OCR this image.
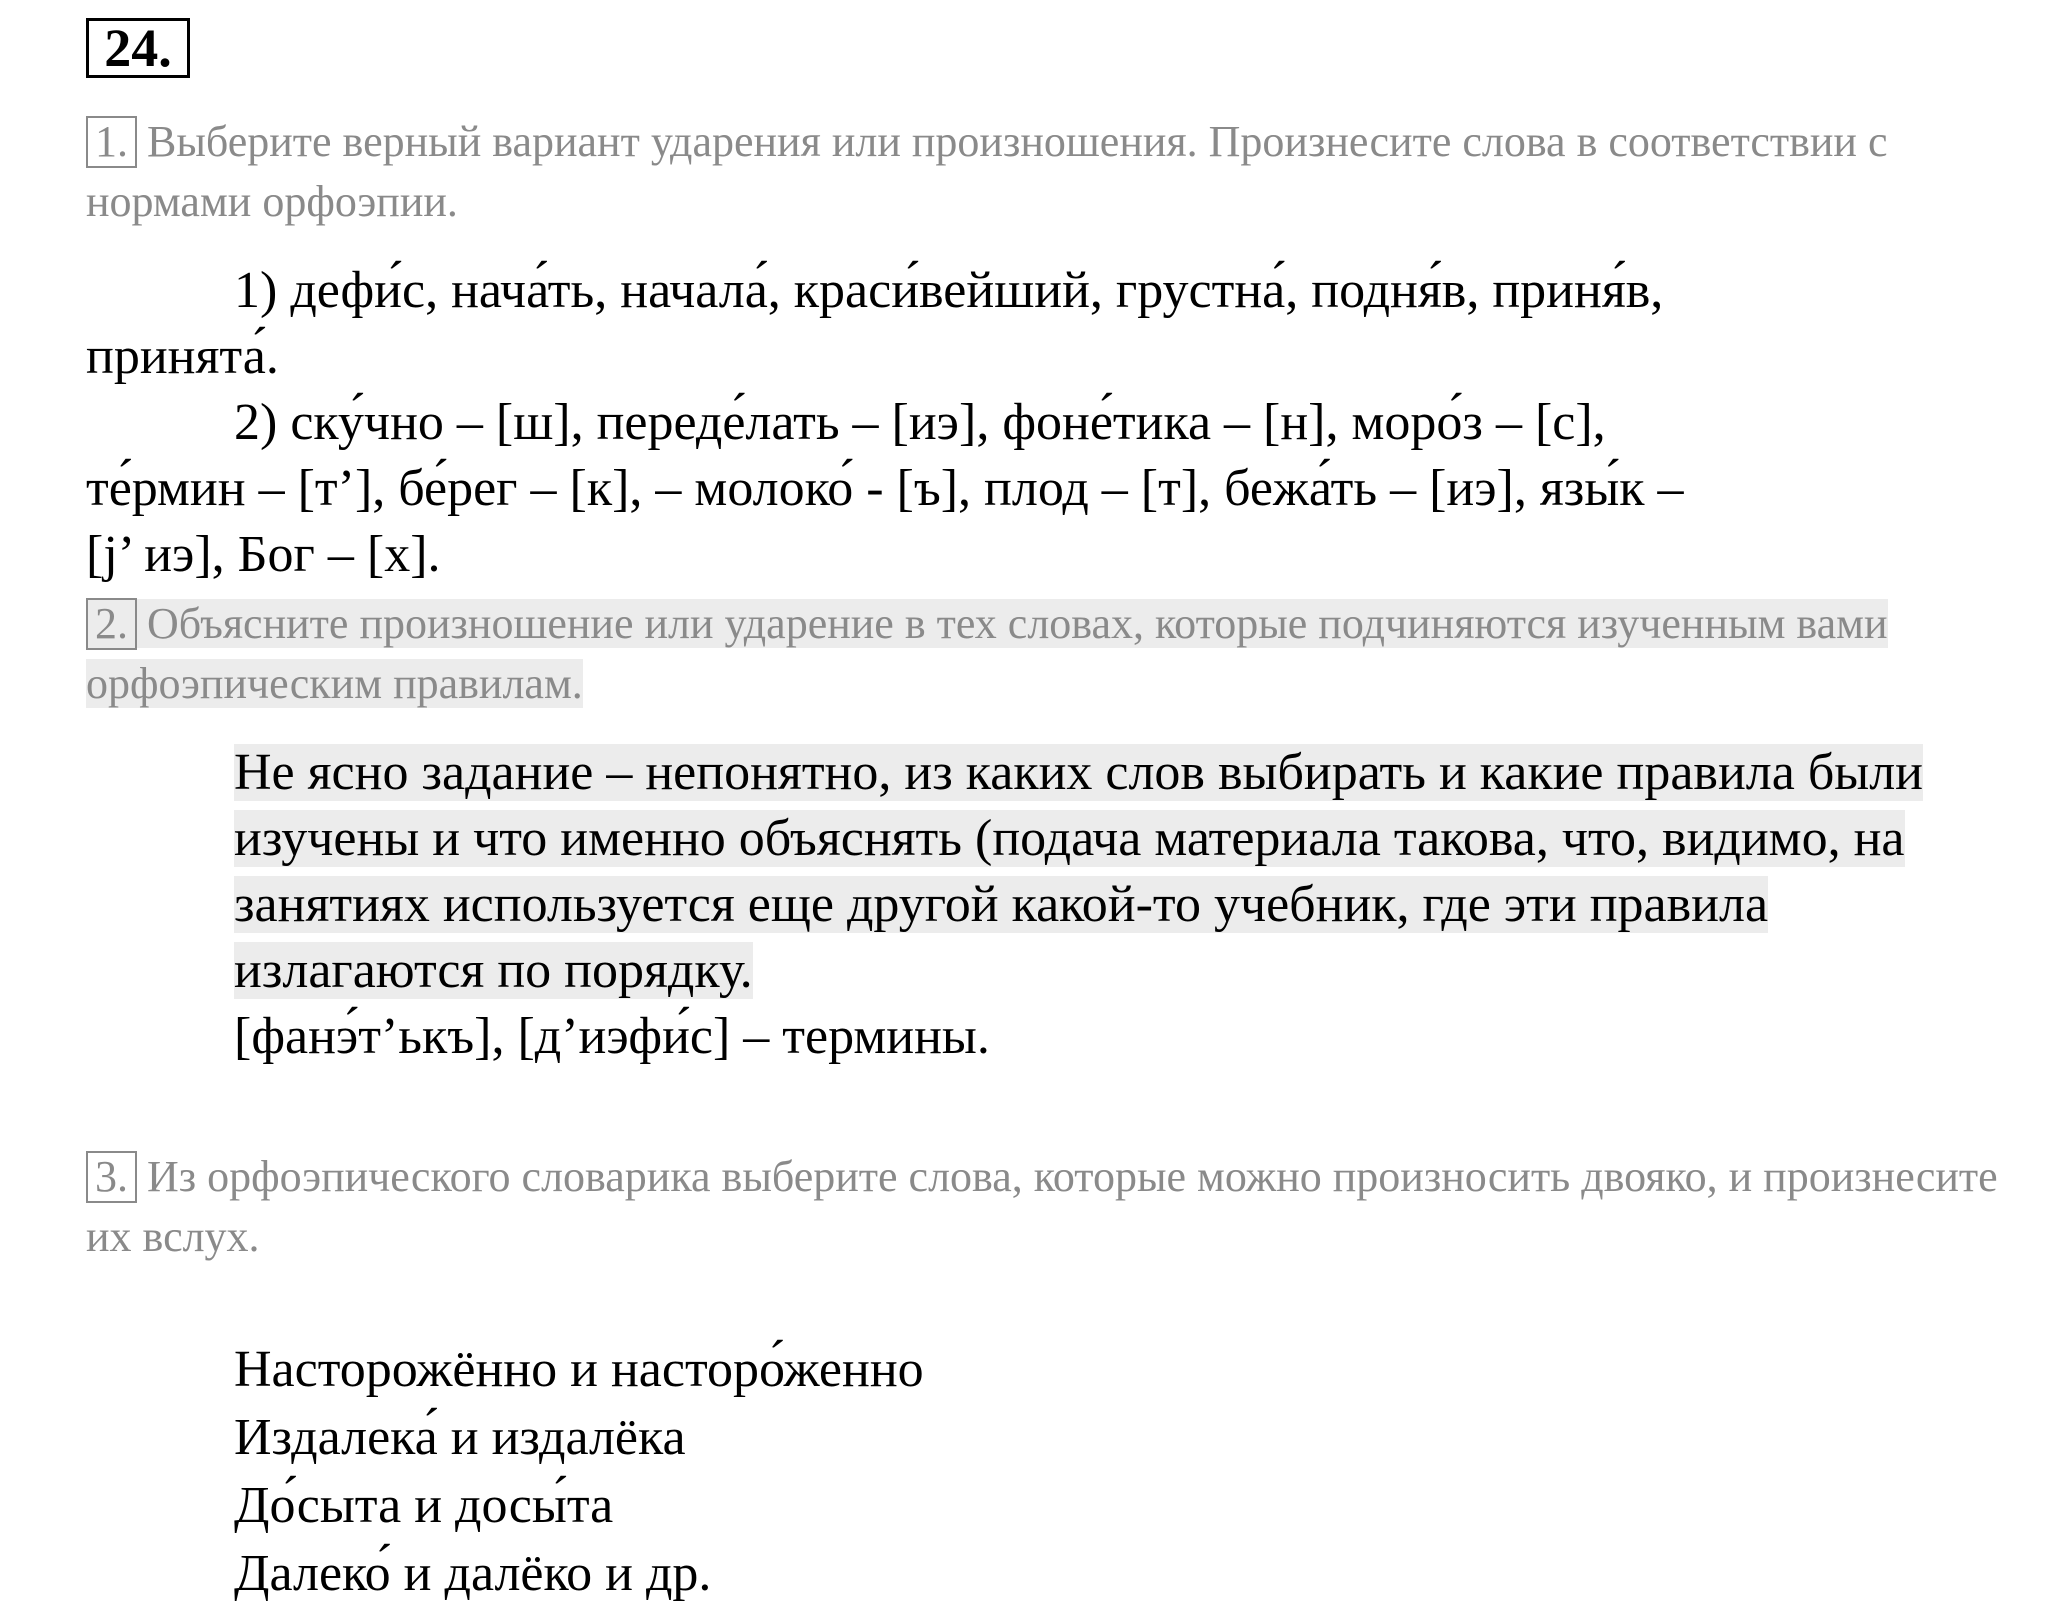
24.
1. Выберите верный вариант ударения или произношения. Произнесите слова в соответствии с нормами орфоэпии.
1) дефи́с, нача́ть, начала́, краси́вейший, грустна́, подня́в, приня́в,
принята́.
2) ску́чно – [ш], переде́лать – [иэ], фоне́тика – [н], моро́з – [с],
те́рмин – [т’], бе́рег – [к], – молоко́ - [ъ], плод – [т], бежа́ть – [иэ], язы́к –
[j’ иэ], Бог – [х].
2. Объясните произношение или ударение в тех словах, которые подчиняются изученным вами орфоэпическим правилам.
Не ясно задание – непонятно, из каких слов выбирать и какие правила были изучены и что именно объяснять (подача материала такова, что, видимо, на занятиях используется еще другой какой-то учебник, где эти правила излагаются по порядку.
[фанэ́т’ькъ], [д’иэфи́с] – термины.
3. Из орфоэпического словарика выберите слова, которые можно произносить двояко, и произнесите их вслух.
Насторожённо и насторо́женно
Издалека́ и издалёка
До́сыта и досы́та
Далеко́ и далёко и др.
